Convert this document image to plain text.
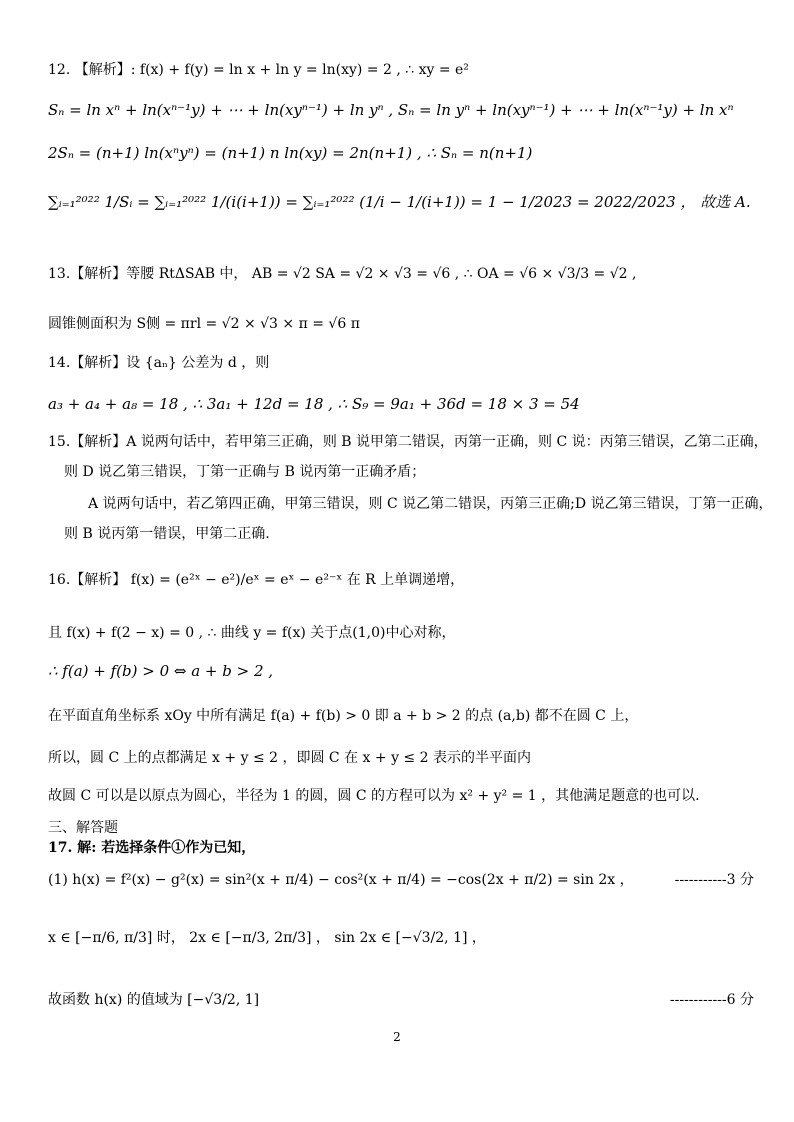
12. 【解析】: f(x) + f(y) = ln x + ln y = ln(xy) = 2 , ∴ xy = e²
Sₙ = ln xⁿ + ln(xⁿ⁻¹y) + ⋯ + ln(xyⁿ⁻¹) + ln yⁿ , Sₙ = ln yⁿ + ln(xyⁿ⁻¹) + ⋯ + ln(xⁿ⁻¹y) + ln xⁿ
2Sₙ = (n+1) ln(xⁿyⁿ) = (n+1) n ln(xy) = 2n(n+1) , ∴ Sₙ = n(n+1)
∑ᵢ₌₁²⁰²² 1/Sᵢ = ∑ᵢ₌₁²⁰²² 1/(i(i+1)) = ∑ᵢ₌₁²⁰²² (1/i − 1/(i+1)) = 1 − 1/2023 = 2022/2023 ， 故选 A.
13.【解析】等腰 RtΔSAB 中， AB = √2 SA = √2 × √3 = √6 , ∴ OA = √6 × √3/3 = √2 ,
圆锥侧面积为 S侧 = πrl = √2 × √3 × π = √6 π
14.【解析】设 {aₙ} 公差为 d ，则
a₃ + a₄ + a₈ = 18 , ∴ 3a₁ + 12d = 18 , ∴ S₉ = 9a₁ + 36d = 18 × 3 = 54
15.【解析】A 说两句话中，若甲第三正确，则 B 说甲第二错误，丙第一正确，则 C 说：丙第三错误，乙第二正确，
则 D 说乙第三错误，丁第一正确与 B 说丙第一正确矛盾；
A 说两句话中，若乙第四正确，甲第三错误，则 C 说乙第二错误，丙第三正确;D 说乙第三错误，丁第一正确，
则 B 说丙第一错误，甲第二正确.
16.【解析】 f(x) = (e²ˣ − e²)/eˣ = eˣ − e²⁻ˣ 在 R 上单调递增，
且 f(x) + f(2 − x) = 0 , ∴ 曲线 y = f(x) 关于点(1,0)中心对称，
∴ f(a) + f(b) > 0 ⇔ a + b > 2 ,
在平面直角坐标系 xOy 中所有满足 f(a) + f(b) > 0 即 a + b > 2 的点 (a,b) 都不在圆 C 上，
所以，圆 C 上的点都满足 x + y ≤ 2 ，即圆 C 在 x + y ≤ 2 表示的半平面内
故圆 C 可以是以原点为圆心，半径为 1 的圆，圆 C 的方程可以为 x² + y² = 1 ，其他满足题意的也可以.
三、解答题
17. 解: 若选择条件①作为已知，
(1) h(x) = f²(x) − g²(x) = sin²(x + π/4) − cos²(x + π/4) = −cos(2x + π/2) = sin 2x ，
x ∈ [−π/6, π/3] 时， 2x ∈ [−π/3, 2π/3] ， sin 2x ∈ [−√3/2, 1] ，
故函数 h(x) 的值域为 [−√3/2, 1]
-----------3 分
------------6 分
2
